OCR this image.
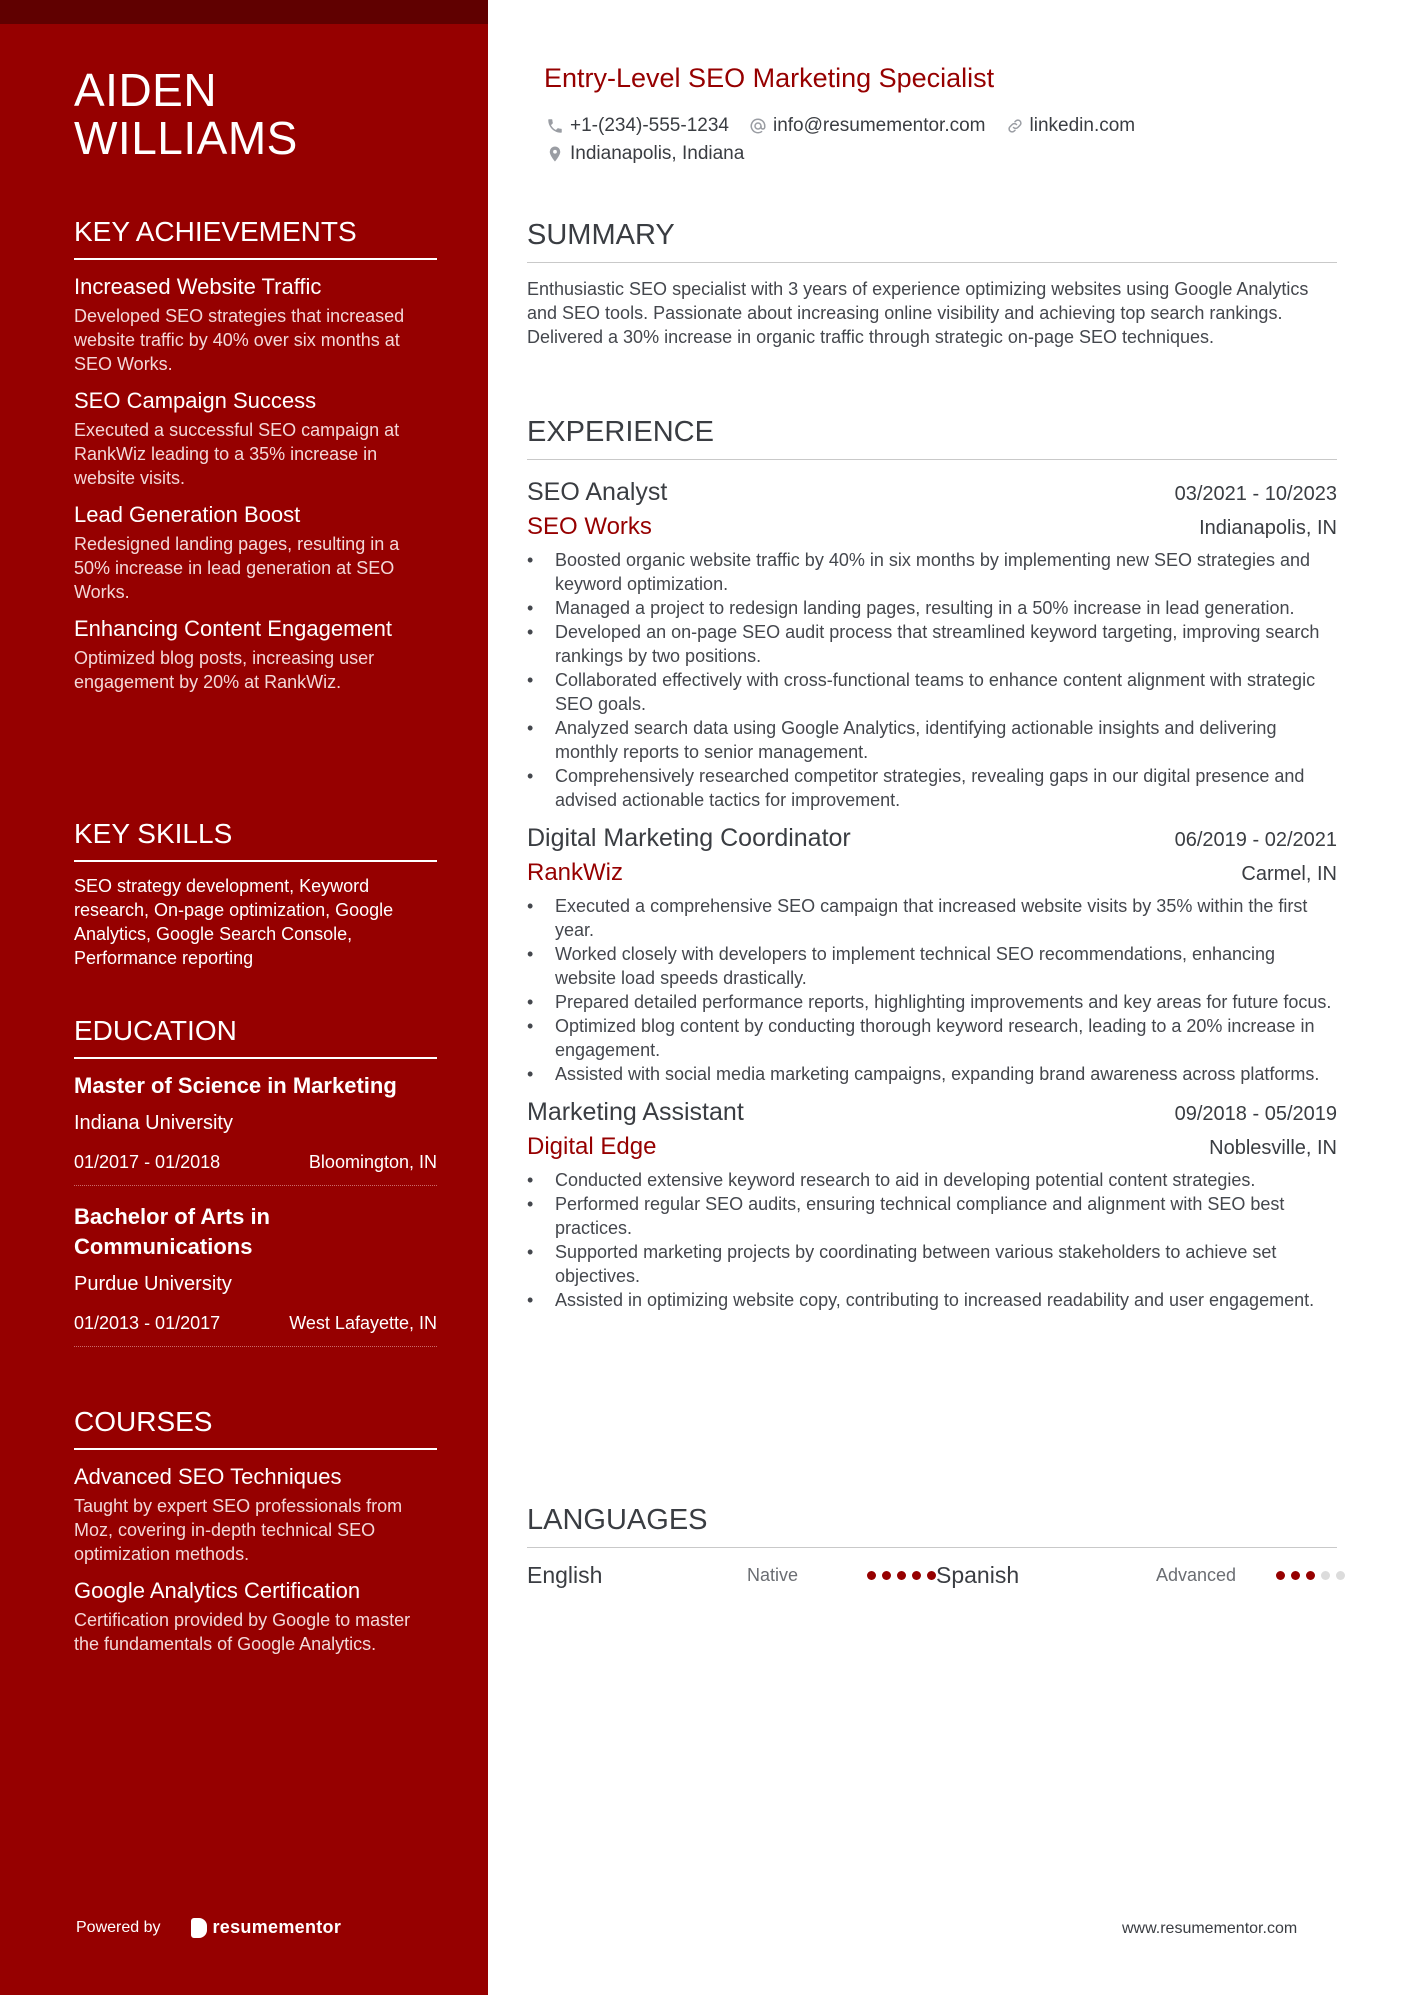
AIDEN
WILLIAMS
KEY ACHIEVEMENTS
Increased Website Traffic
Developed SEO strategies that increased website traffic by 40% over six months at SEO Works.
SEO Campaign Success
Executed a successful SEO campaign at RankWiz leading to a 35% increase in website visits.
Lead Generation Boost
Redesigned landing pages, resulting in a 50% increase in lead generation at SEO Works.
Enhancing Content Engagement
Optimized blog posts, increasing user engagement by 20% at RankWiz.
KEY SKILLS
SEO strategy development, Keyword research, On-page optimization, Google Analytics, Google Search Console, Performance reporting
EDUCATION
Master of Science in Marketing
Indiana University
01/2017 - 01/2018	Bloomington, IN
Bachelor of Arts in Communications
Purdue University
01/2013 - 01/2017	West Lafayette, IN
COURSES
Advanced SEO Techniques
Taught by expert SEO professionals from Moz, covering in-depth technical SEO optimization methods.
Google Analytics Certification
Certification provided by Google to master the fundamentals of Google Analytics.
Powered by	resumementor
Entry-Level SEO Marketing Specialist
+1-(234)-555-1234 info@resumementor.com linkedin.com
Indianapolis, Indiana
SUMMARY
Enthusiastic SEO specialist with 3 years of experience optimizing websites using Google Analytics and SEO tools. Passionate about increasing online visibility and achieving top search rankings. Delivered a 30% increase in organic traffic through strategic on-page SEO techniques.
EXPERIENCE
SEO Analyst	03/2021 - 10/2023
SEO Works	Indianapolis, IN
• Boosted organic website traffic by 40% in six months by implementing new SEO strategies and keyword optimization.
• Managed a project to redesign landing pages, resulting in a 50% increase in lead generation.
• Developed an on-page SEO audit process that streamlined keyword targeting, improving search rankings by two positions.
• Collaborated effectively with cross-functional teams to enhance content alignment with strategic SEO goals.
• Analyzed search data using Google Analytics, identifying actionable insights and delivering monthly reports to senior management.
• Comprehensively researched competitor strategies, revealing gaps in our digital presence and advised actionable tactics for improvement.
Digital Marketing Coordinator	06/2019 - 02/2021
RankWiz	Carmel, IN
• Executed a comprehensive SEO campaign that increased website visits by 35% within the first year.
• Worked closely with developers to implement technical SEO recommendations, enhancing website load speeds drastically.
• Prepared detailed performance reports, highlighting improvements and key areas for future focus.
• Optimized blog content by conducting thorough keyword research, leading to a 20% increase in engagement.
• Assisted with social media marketing campaigns, expanding brand awareness across platforms.
Marketing Assistant	09/2018 - 05/2019
Digital Edge	Noblesville, IN
• Conducted extensive keyword research to aid in developing potential content strategies.
• Performed regular SEO audits, ensuring technical compliance and alignment with SEO best practices.
• Supported marketing projects by coordinating between various stakeholders to achieve set objectives.
• Assisted in optimizing website copy, contributing to increased readability and user engagement.
LANGUAGES
English	Native	Spanish	Advanced
www.resumementor.com
